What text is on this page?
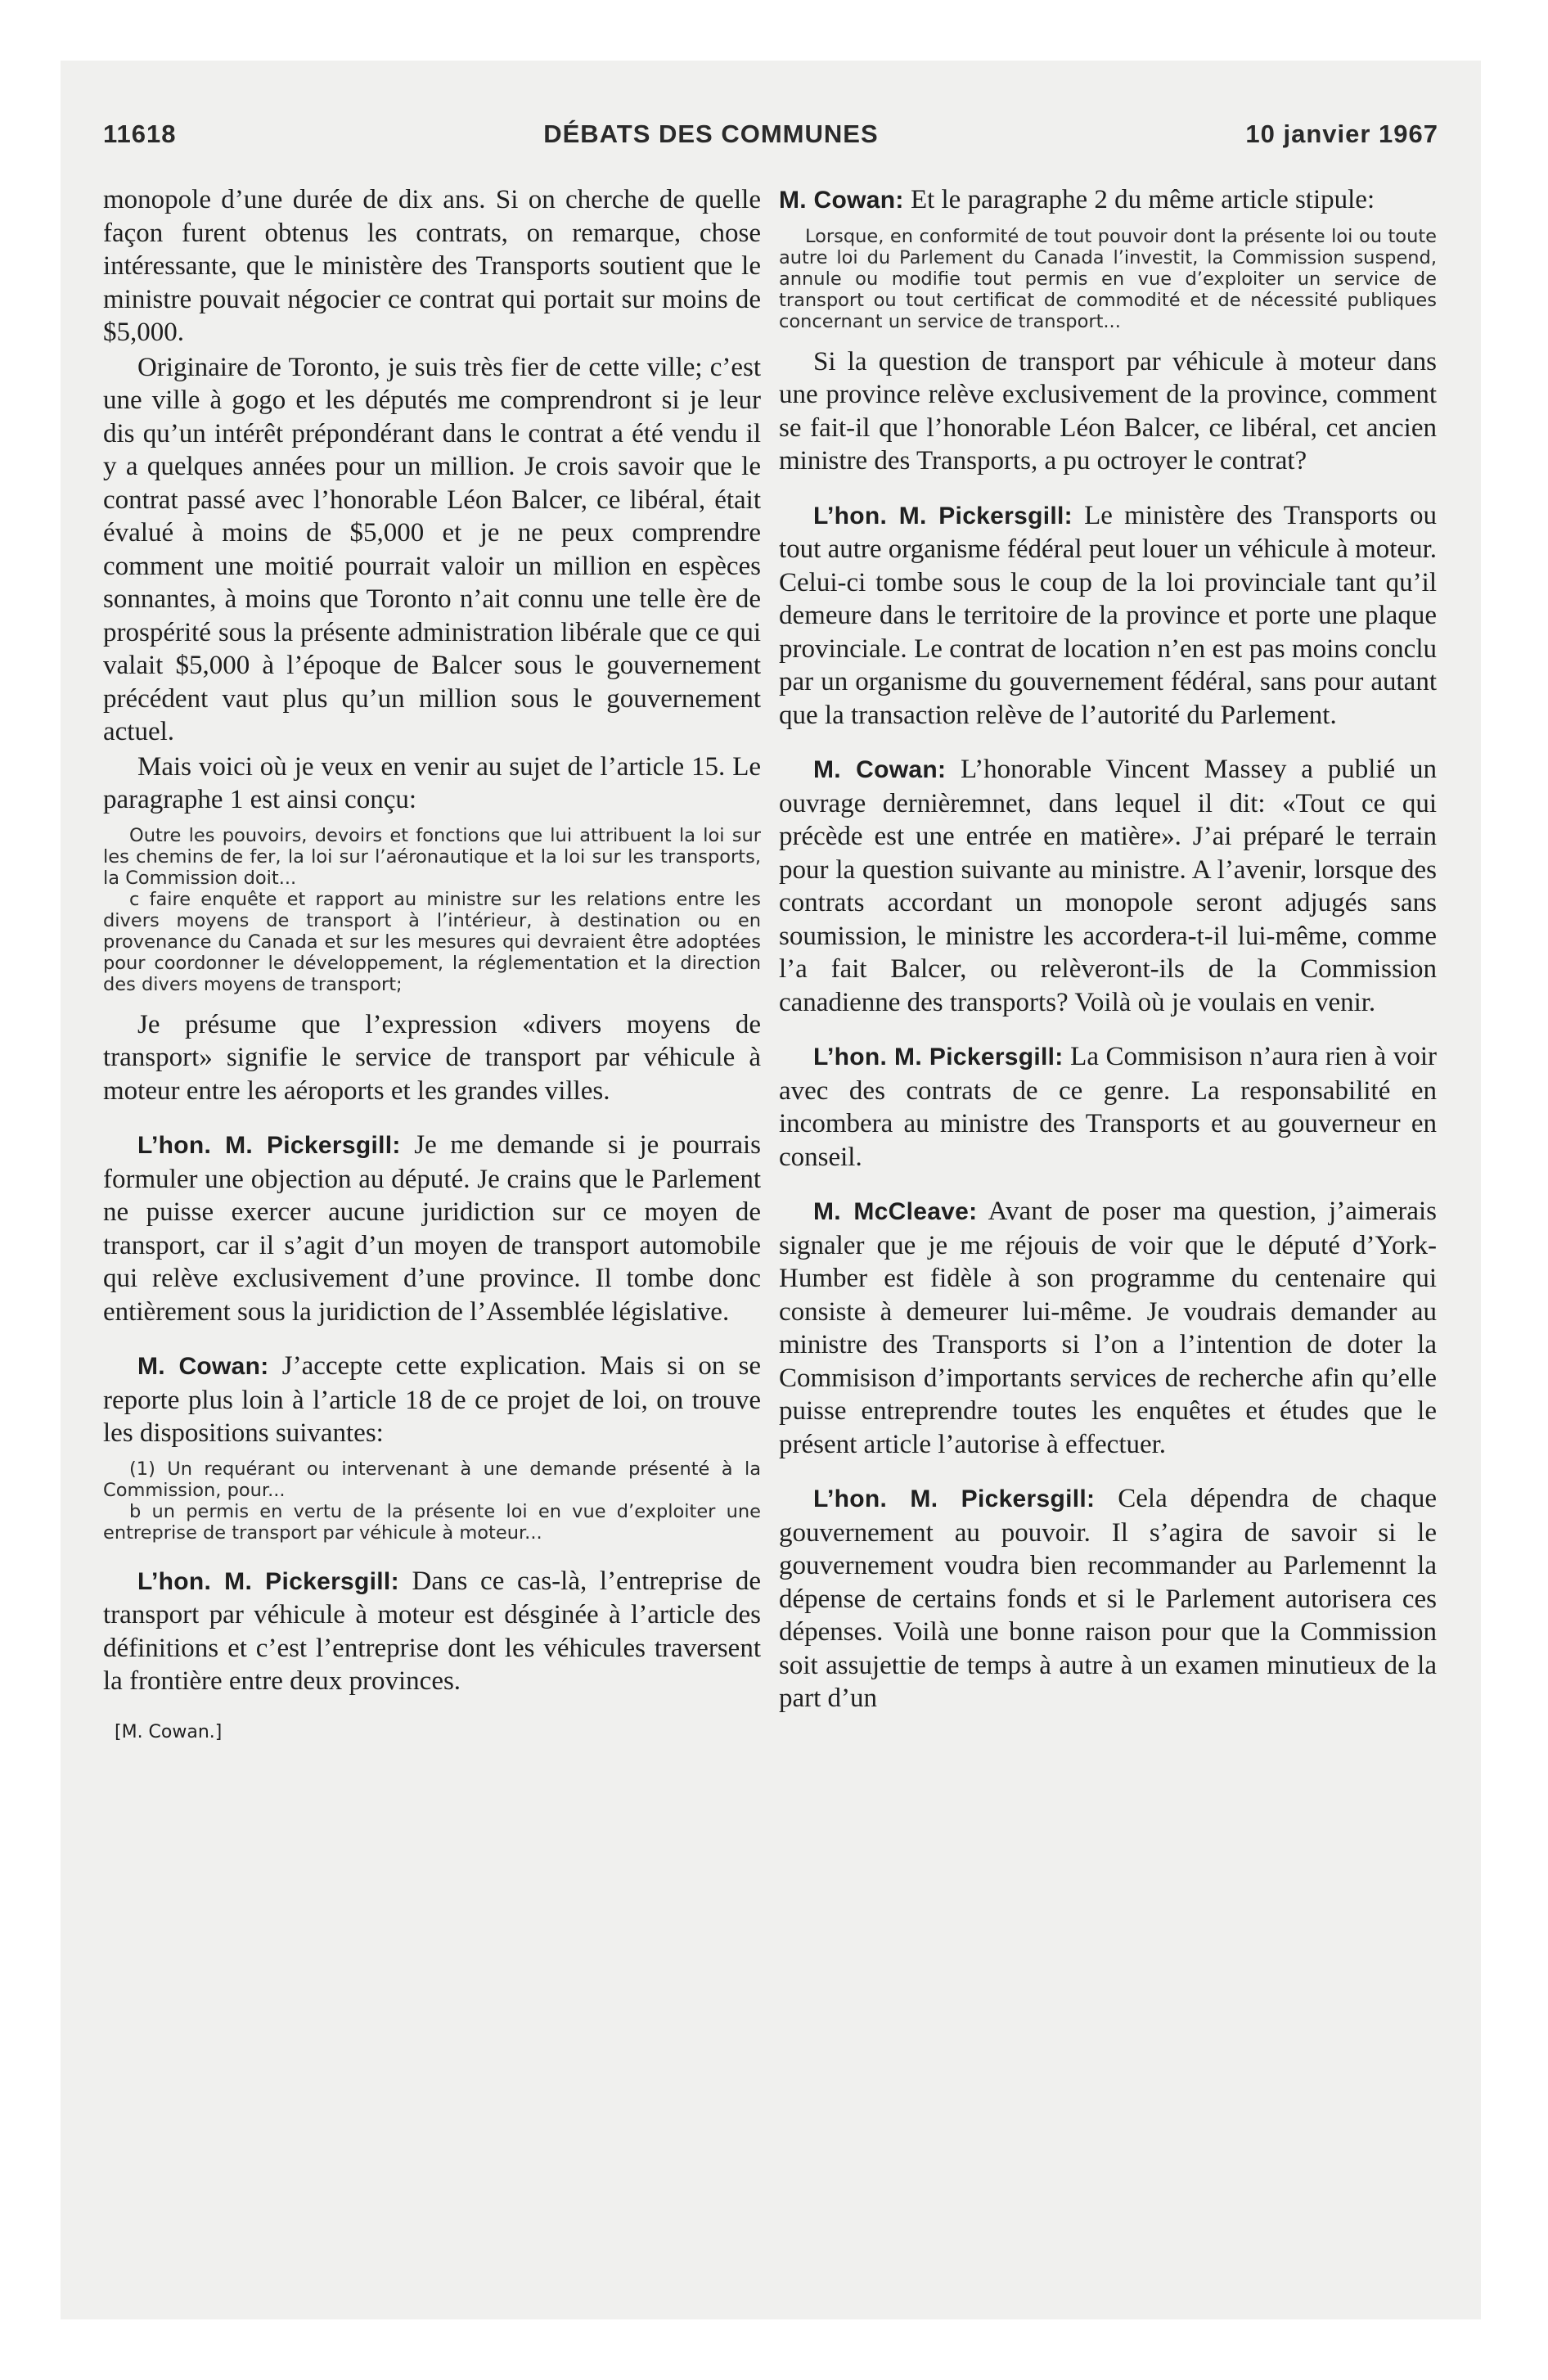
11618	DÉBATS DES COMMUNES	10 janvier 1967

monopole d’une durée de dix ans. Si on cherche de quelle façon furent obtenus les contrats, on remarque, chose intéressante, que le ministère des Transports soutient que le ministre pouvait négocier ce contrat qui portait sur moins de $5,000.

Originaire de Toronto, je suis très fier de cette ville; c’est une ville à gogo et les députés me comprendront si je leur dis qu’un intérêt prépondérant dans le contrat a été vendu il y a quelques années pour un million. Je crois savoir que le contrat passé avec l’honorable Léon Balcer, ce libéral, était évalué à moins de $5,000 et je ne peux comprendre comment une moitié pourrait valoir un million en espèces sonnantes, à moins que Toronto n’ait connu une telle ère de prospérité sous la présente administration libérale que ce qui valait $5,000 à l’époque de Balcer sous le gouvernement précédent vaut plus qu’un million sous le gouvernement actuel.

Mais voici où je veux en venir au sujet de l’article 15. Le paragraphe 1 est ainsi conçu:

Outre les pouvoirs, devoirs et fonctions que lui attribuent la loi sur les chemins de fer, la loi sur l’aéronautique et la loi sur les transports, la Commission doit...

c faire enquête et rapport au ministre sur les relations entre les divers moyens de transport à l’intérieur, à destination ou en provenance du Canada et sur les mesures qui devraient être adoptées pour coordonner le développement, la réglementation et la direction des divers moyens de transport;

Je présume que l’expression «divers moyens de transport» signifie le service de transport par véhicule à moteur entre les aéroports et les grandes villes.

L’hon. M. Pickersgill: Je me demande si je pourrais formuler une objection au député. Je crains que le Parlement ne puisse exercer aucune juridiction sur ce moyen de transport, car il s’agit d’un moyen de transport automobile qui relève exclusivement d’une province. Il tombe donc entièrement sous la juridiction de l’Assemblée législative.

M. Cowan: J’accepte cette explication. Mais si on se reporte plus loin à l’article 18 de ce projet de loi, on trouve les dispositions suivantes:

(1) Un requérant ou intervenant à une demande présenté à la Commission, pour...

b un permis en vertu de la présente loi en vue d’exploiter une entreprise de transport par véhicule à moteur...

L’hon. M. Pickersgill: Dans ce cas-là, l’entreprise de transport par véhicule à moteur est désginée à l’article des définitions et c’est l’entreprise dont les véhicules traversent la frontière entre deux provinces.

[M. Cowan.]

M. Cowan: Et le paragraphe 2 du même article stipule:

Lorsque, en conformité de tout pouvoir dont la présente loi ou toute autre loi du Parlement du Canada l’investit, la Commission suspend, annule ou modifie tout permis en vue d’exploiter un service de transport ou tout certificat de commodité et de nécessité publiques concernant un service de transport...

Si la question de transport par véhicule à moteur dans une province relève exclusivement de la province, comment se fait-il que l’honorable Léon Balcer, ce libéral, cet ancien ministre des Transports, a pu octroyer le contrat?

L’hon. M. Pickersgill: Le ministère des Transports ou tout autre organisme fédéral peut louer un véhicule à moteur. Celui-ci tombe sous le coup de la loi provinciale tant qu’il demeure dans le territoire de la province et porte une plaque provinciale. Le contrat de location n’en est pas moins conclu par un organisme du gouvernement fédéral, sans pour autant que la transaction relève de l’autorité du Parlement.

M. Cowan: L’honorable Vincent Massey a publié un ouvrage dernièremnet, dans lequel il dit: «Tout ce qui précède est une entrée en matière». J’ai préparé le terrain pour la question suivante au ministre. A l’avenir, lorsque des contrats accordant un monopole seront adjugés sans soumission, le ministre les accordera-t-il lui-même, comme l’a fait Balcer, ou relèveront-ils de la Commission canadienne des transports? Voilà où je voulais en venir.

L’hon. M. Pickersgill: La Commisison n’aura rien à voir avec des contrats de ce genre. La responsabilité en incombera au ministre des Transports et au gouverneur en conseil.

M. McCleave: Avant de poser ma question, j’aimerais signaler que je me réjouis de voir que le député d’York-Humber est fidèle à son programme du centenaire qui consiste à demeurer lui-même. Je voudrais demander au ministre des Transports si l’on a l’intention de doter la Commisison d’importants services de recherche afin qu’elle puisse entreprendre toutes les enquêtes et études que le présent article l’autorise à effectuer.

L’hon. M. Pickersgill: Cela dépendra de chaque gouvernement au pouvoir. Il s’agira de savoir si le gouvernement voudra bien recommander au Parlemennt la dépense de certains fonds et si le Parlement autorisera ces dépenses. Voilà une bonne raison pour que la Commission soit assujettie de temps à autre à un examen minutieux de la part d’un
